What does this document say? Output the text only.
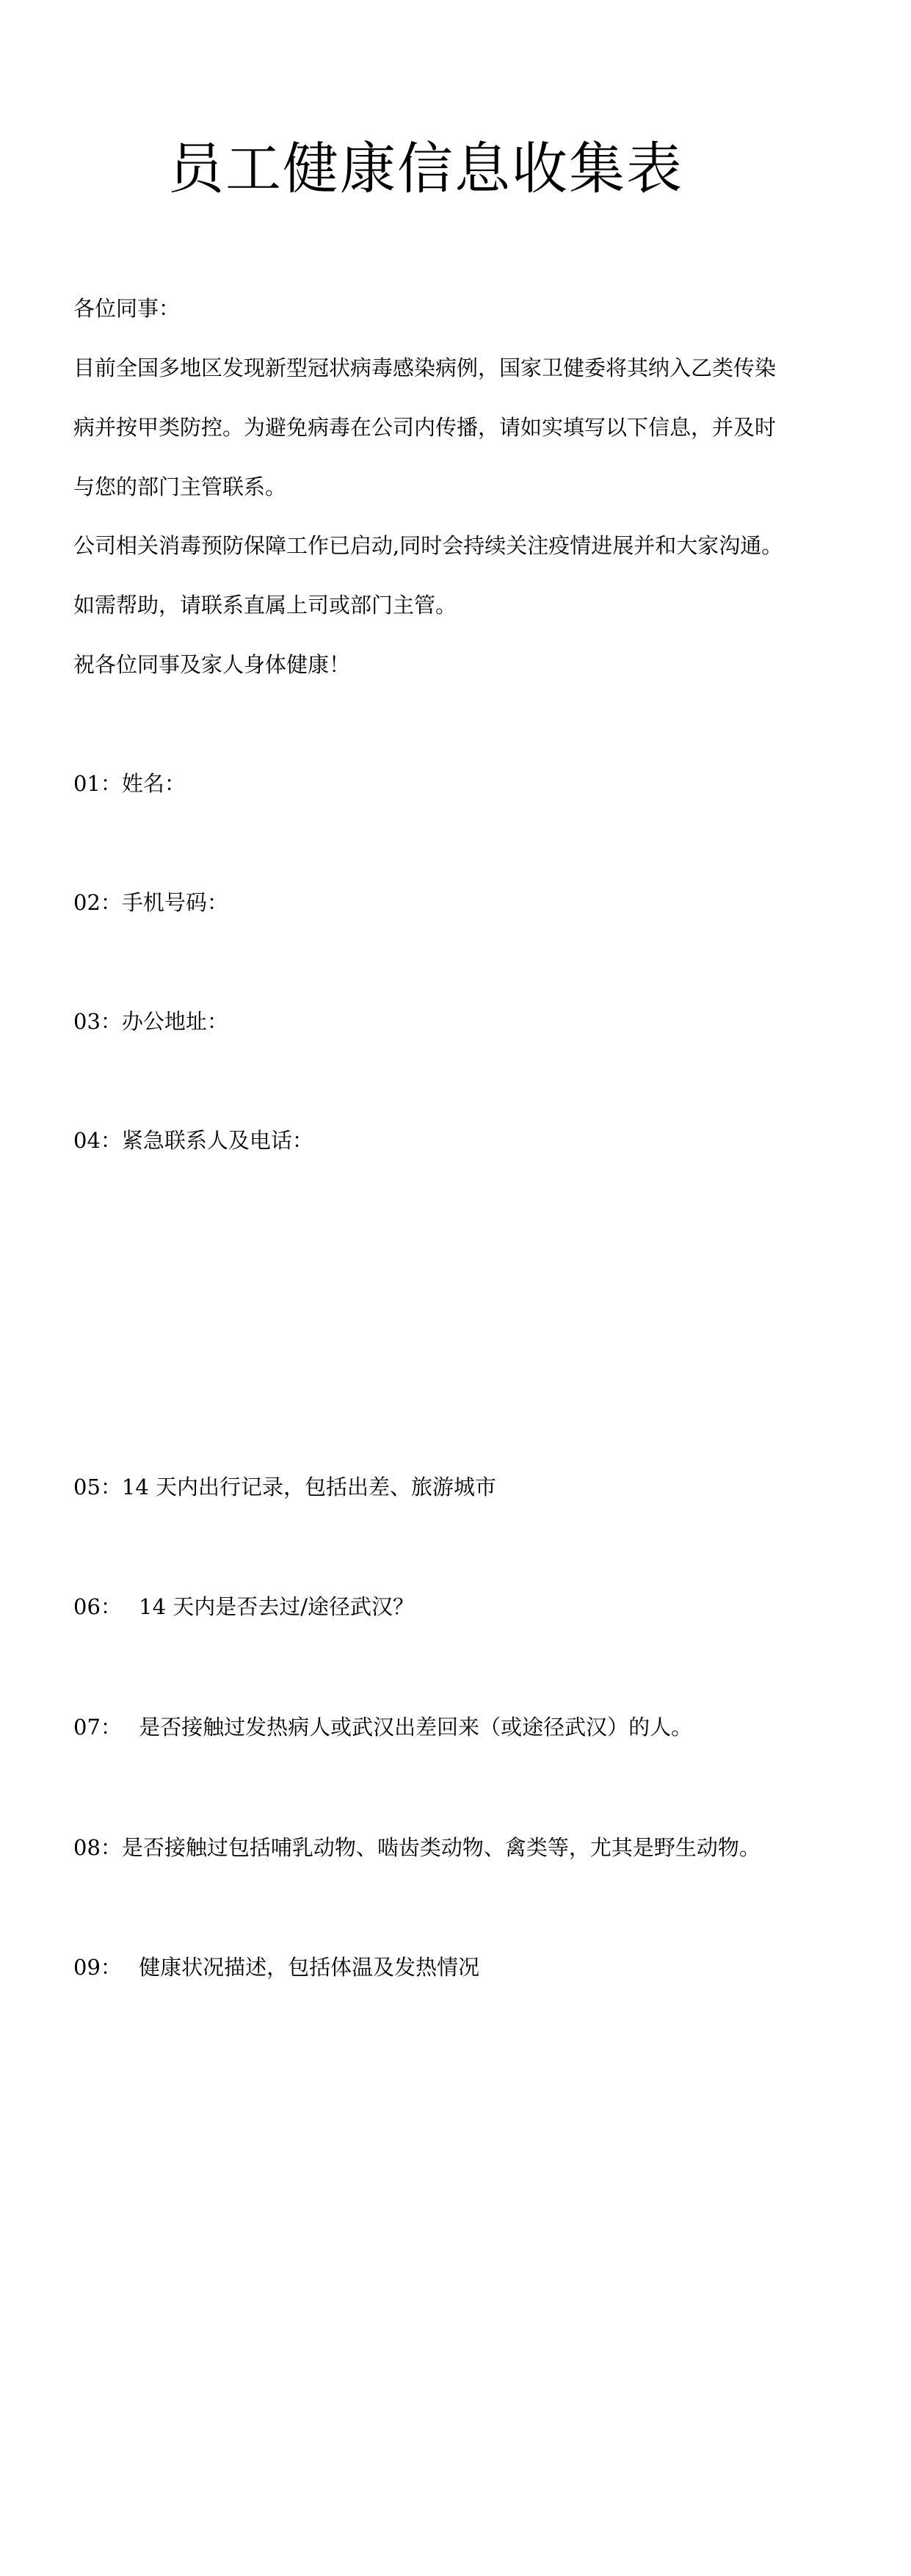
员工健康信息收集表

各位同事：

目前全国多地区发现新型冠状病毒感染病例，国家卫健委将其纳入乙类传染

病并按甲类防控。为避免病毒在公司内传播，请如实填写以下信息，并及时

与您的部门主管联系。

公司相关消毒预防保障工作已启动,同时会持续关注疫情进展并和大家沟通。

如需帮助，请联系直属上司或部门主管。

祝各位同事及家人身体健康！

01：姓名：

02：手机号码：

03：办公地址：

04：紧急联系人及电话：

05：14 天内出行记录，包括出差、旅游城市

06： 14 天内是否去过/途径武汉？

07： 是否接触过发热病人或武汉出差回来（或途径武汉）的人。

08：是否接触过包括哺乳动物、啮齿类动物、禽类等，尤其是野生动物。

09： 健康状况描述，包括体温及发热情况
